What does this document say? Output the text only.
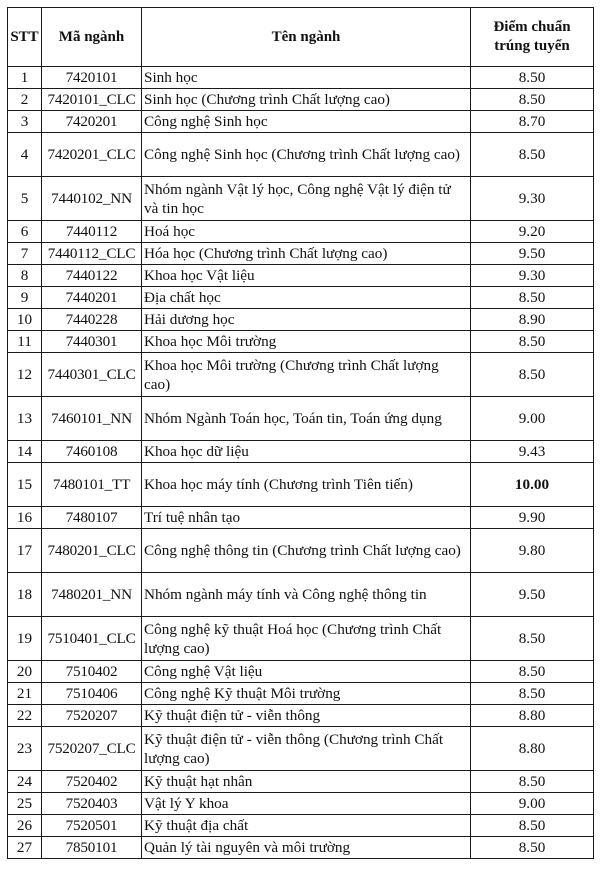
STT	Mã ngành	Tên ngành	Điểm chuẩn
trúng tuyển
1	7420101	Sinh học	8.50
2	7420101_CLC	Sinh học (Chương trình Chất lượng cao)	8.50
3	7420201	Công nghệ Sinh học	8.70
4	7420201_CLC	Công nghệ Sinh học (Chương trình Chất lượng cao)	8.50
5	7440102_NN	Nhóm ngành Vật lý học, Công nghệ Vật lý điện tử và tin học	9.30
6	7440112	Hoá học	9.20
7	7440112_CLC	Hóa học (Chương trình Chất lượng cao)	9.50
8	7440122	Khoa học Vật liệu	9.30
9	7440201	Địa chất học	8.50
10	7440228	Hải dương học	8.90
11	7440301	Khoa học Môi trường	8.50
12	7440301_CLC	Khoa học Môi trường (Chương trình Chất lượng cao)	8.50
13	7460101_NN	Nhóm Ngành Toán học, Toán tin, Toán ứng dụng	9.00
14	7460108	Khoa học dữ liệu	9.43
15	7480101_TT	Khoa học máy tính (Chương trình Tiên tiến)	10.00
16	7480107	Trí tuệ nhân tạo	9.90
17	7480201_CLC	Công nghệ thông tin (Chương trình Chất lượng cao)	9.80
18	7480201_NN	Nhóm ngành máy tính và Công nghệ thông tin	9.50
19	7510401_CLC	Công nghệ kỹ thuật Hoá học (Chương trình Chất lượng cao)	8.50
20	7510402	Công nghệ Vật liệu	8.50
21	7510406	Công nghệ Kỹ thuật Môi trường	8.50
22	7520207	Kỹ thuật điện tử - viễn thông	8.80
23	7520207_CLC	Kỹ thuật điện tử - viễn thông (Chương trình Chất lượng cao)	8.80
24	7520402	Kỹ thuật hạt nhân	8.50
25	7520403	Vật lý Y khoa	9.00
26	7520501	Kỹ thuật địa chất	8.50
27	7850101	Quản lý tài nguyên và môi trường	8.50
